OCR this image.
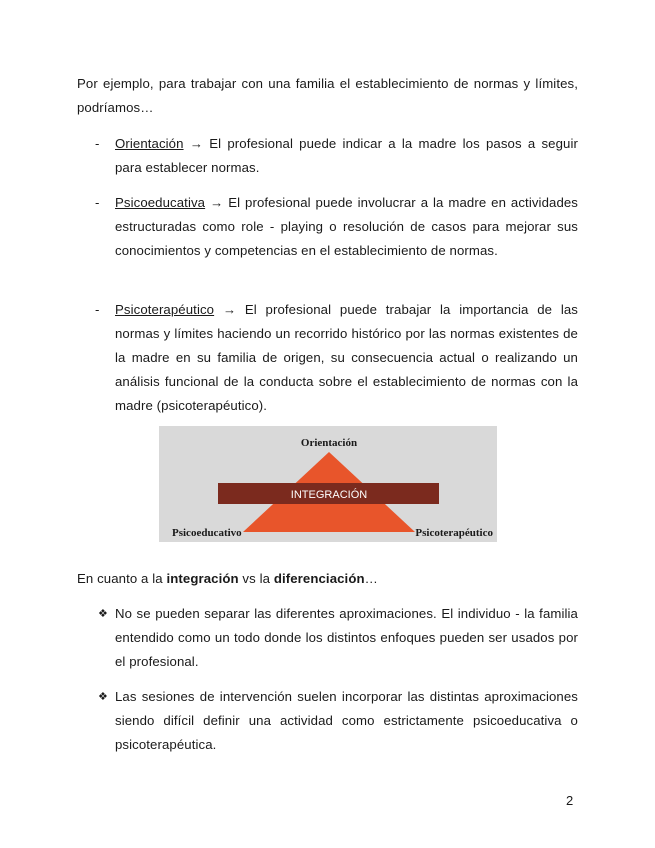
Por ejemplo, para trabajar con una familia el establecimiento de normas y límites, podríamos…

- Orientación → El profesional puede indicar a la madre los pasos a seguir para establecer normas.

- Psicoeducativa → El profesional puede involucrar a la madre en actividades estructuradas como role - playing o resolución de casos para mejorar sus conocimientos y competencias en el establecimiento de normas.

Psicoterapéutico → El profesional puede trabajar la importancia de las normas y límites haciendo un recorrido histórico por las normas existentes de la madre en su familia de origen, su consecuencia actual o realizando un análisis funcional de la conducta sobre el establecimiento de normas con la madre (psicoterapéutico).

-
INTEGRACIÓN
Orientación
Psicoeducativo	Psicoterapéutico

En cuanto a la integración vs la diferenciación…

❖ No se pueden separar las diferentes aproximaciones. El individuo - la familia entendido como un todo donde los distintos enfoques pueden ser usados por el profesional.

❖ Las sesiones de intervención suelen incorporar las distintas aproximaciones siendo difícil definir una actividad como estrictamente psicoeducativa o psicoterapéutica.

2
